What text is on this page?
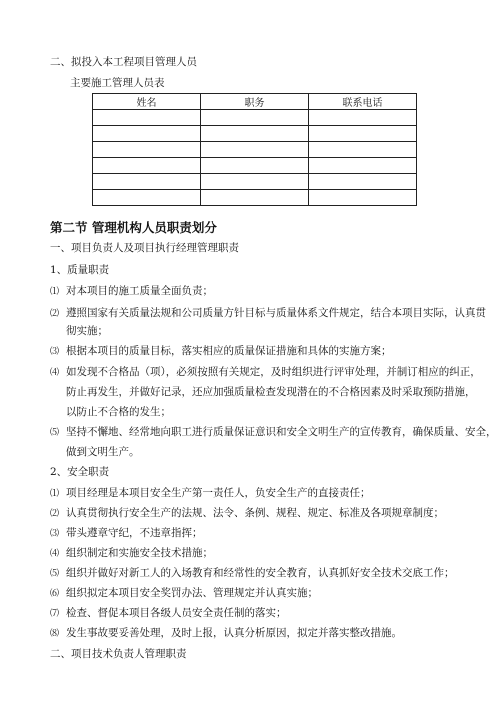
二、拟投入本工程项目管理人员
主要施工管理人员表
姓名	职务	联系电话

第二节 管理机构人员职责划分
一、项目负责人及项目执行经理管理职责
1、质量职责
⑴ 对本项目的施工质量全面负责；
⑵ 遵照国家有关质量法规和公司质量方针目标与质量体系文件规定，结合本项目实际，认真贯
彻实施；
⑶ 根据本项目的质量目标，落实相应的质量保证措施和具体的实施方案；
⑷ 如发现不合格品（项），必须按照有关规定，及时组织进行评审处理，并制订相应的纠正，
防止再发生，并做好记录，还应加强质量检查发现潜在的不合格因素及时采取预防措施，
以防止不合格的发生；
⑸ 坚持不懈地、经常地向职工进行质量保证意识和安全文明生产的宣传教育，确保质量、安全，
做到文明生产。
2、安全职责
⑴ 项目经理是本项目安全生产第一责任人，负安全生产的直接责任；
⑵ 认真贯彻执行安全生产的法规、法令、条例、规程、规定、标准及各项规章制度；
⑶ 带头遵章守纪，不违章指挥；
⑷ 组织制定和实施安全技术措施；
⑸ 组织并做好对新工人的入场教育和经常性的安全教育，认真抓好安全技术交底工作；
⑹ 组织拟定本项目安全奖罚办法、管理规定并认真实施；
⑺ 检查、督促本项目各级人员安全责任制的落实；
⑻ 发生事故要妥善处理，及时上报，认真分析原因，拟定并落实整改措施。
二、项目技术负责人管理职责
